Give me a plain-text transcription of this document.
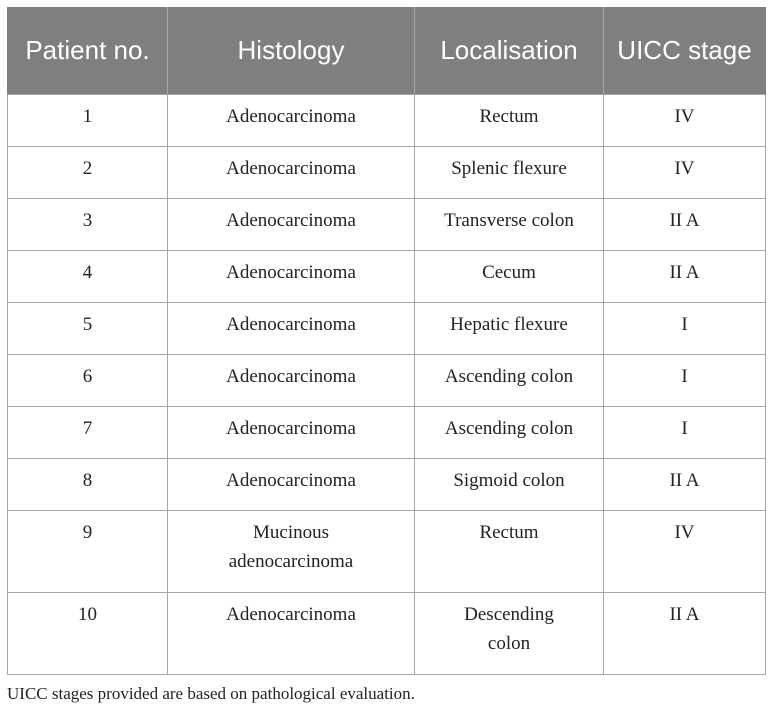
Patient no.	Histology	Localisation	UICC stage
1	Adenocarcinoma	Rectum	IV
2	Adenocarcinoma	Splenic flexure	IV
3	Adenocarcinoma	Transverse colon	II A
4	Adenocarcinoma	Cecum	II A
5	Adenocarcinoma	Hepatic flexure	I
6	Adenocarcinoma	Ascending colon	I
7	Adenocarcinoma	Ascending colon	I
8	Adenocarcinoma	Sigmoid colon	II A
9	Mucinous adenocarcinoma	Rectum	IV
10	Adenocarcinoma	Descending colon	II A
UICC stages provided are based on pathological evaluation.
